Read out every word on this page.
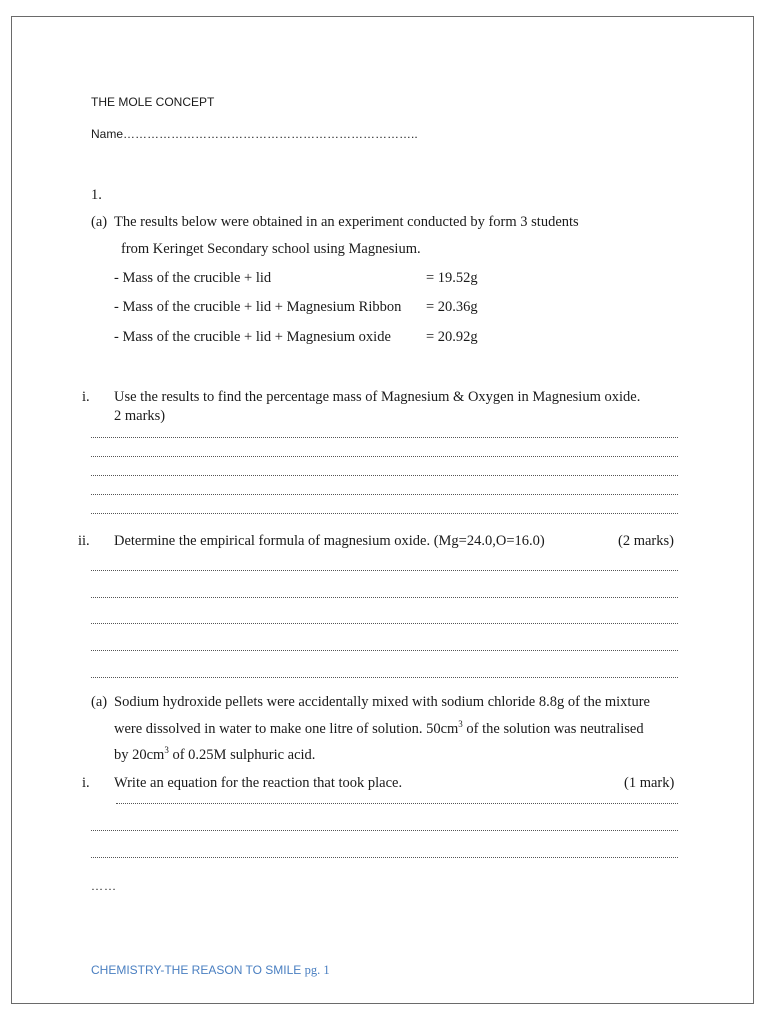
THE MOLE CONCEPT
Name………………………………………………………………..
1.
(a) The results below were obtained in an experiment conducted by form 3 students
from Keringet Secondary school using Magnesium.
- Mass of the crucible + lid	= 19.52g
- Mass of the crucible + lid + Magnesium Ribbon = 20.36g
- Mass of the crucible + lid + Magnesium oxide = 20.92g
i. Use the results to find the percentage mass of Magnesium & Oxygen in Magnesium oxide.
2 marks)
ii. Determine the empirical formula of magnesium oxide. (Mg=24.0,O=16.0)	(2 marks)
(a) Sodium hydroxide pellets were accidentally mixed with sodium chloride 8.8g of the mixture
were dissolved in water to make one litre of solution. $50cm^3$ of the solution was neutralised
by $20cm^3$ of 0.25M sulphuric acid.
i. Write an equation for the reaction that took place.	(1 mark)
……
CHEMISTRY-THE REASON TO SMILE pg. 1
